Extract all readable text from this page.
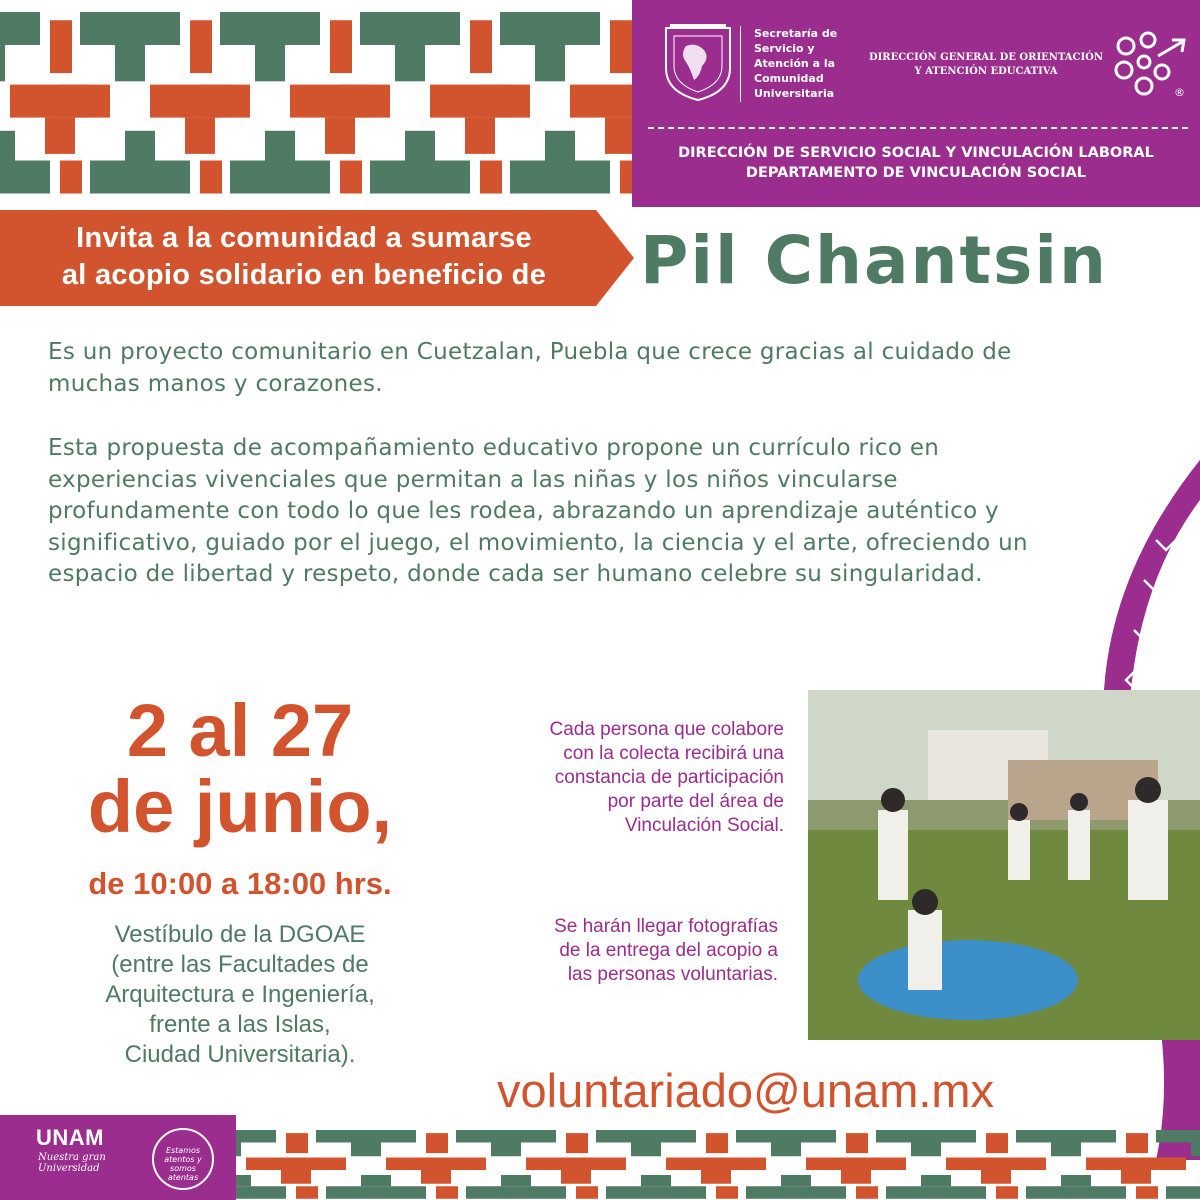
Secretaría de
Servicio y
Atención a la
Comunidad
Universitaria
DIRECCIÓN GENERAL DE ORIENTACIÓN
Y ATENCIÓN EDUCATIVA
®
DIRECCIÓN DE SERVICIO SOCIAL Y VINCULACIÓN LABORAL
DEPARTAMENTO DE VINCULACIÓN SOCIAL
Invita a la comunidad a sumarse
al acopio solidario en beneficio de	Pil Chantsin
Es un proyecto comunitario en Cuetzalan, Puebla que crece gracias al cuidado de muchas manos y corazones.
Esta propuesta de acompañamiento educativo propone un currículo rico en experiencias vivenciales que permitan a las niñas y los niños vincularse profundamente con todo lo que les rodea, abrazando un aprendizaje auténtico y significativo, guiado por el juego, el movimiento, la ciencia y el arte, ofreciendo un espacio de libertad y respeto, donde cada ser humano celebre su singularidad.
2 al 27
de junio,
de 10:00 a 18:00 hrs.
Vestíbulo de la DGOAE
(entre las Facultades de
Arquitectura e Ingeniería,
frente a las Islas,
Ciudad Universitaria).
Cada persona que colabore
con la colecta recibirá una
constancia de participación
por parte del área de
Vinculación Social.
Se harán llegar fotografías
de la entrega del acopio a
las personas voluntarias.
voluntariado@unam.mx
UNAM
Nuestra gran Universidad
Estamos
atentos y
somos
atentas
